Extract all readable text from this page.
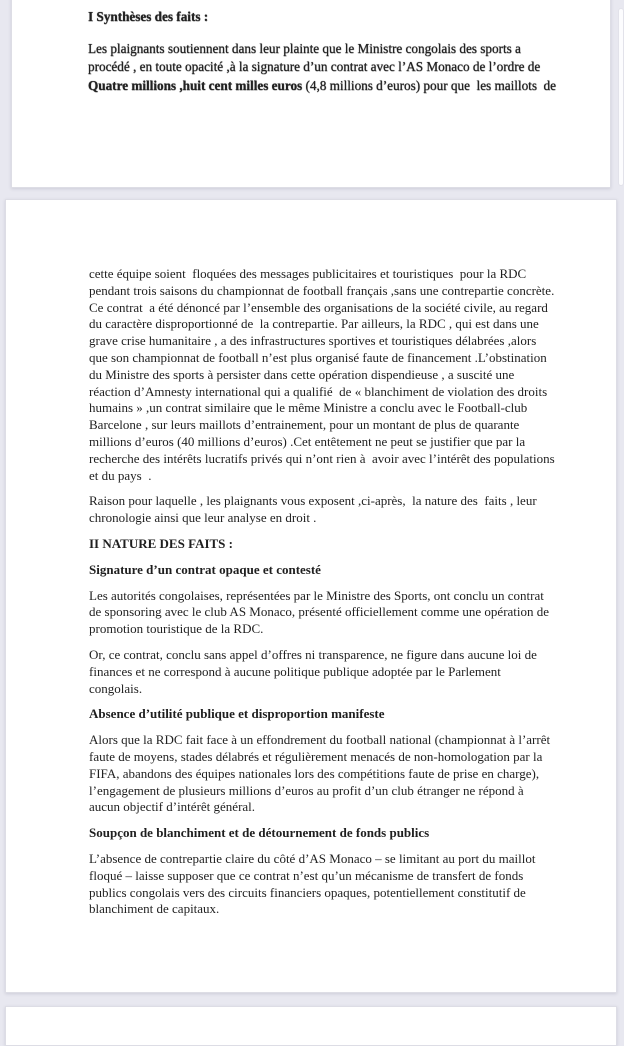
I Synthèses des faits :
Les plaignants soutiennent dans leur plainte que le Ministre congolais des sports a
procédé , en toute opacité ,à la signature d’un contrat avec l’AS Monaco de l’ordre de
Quatre millions ,huit cent milles euros (4,8 millions d’euros) pour que  les maillots  de
cette équipe soient  floquées des messages publicitaires et touristiques  pour la RDC
pendant trois saisons du championnat de football français ,sans une contrepartie concrète.
Ce contrat  a été dénoncé par l’ensemble des organisations de la société civile, au regard
du caractère disproportionné de  la contrepartie. Par ailleurs, la RDC , qui est dans une
grave crise humanitaire , a des infrastructures sportives et touristiques délabrées ,alors
que son championnat de football n’est plus organisé faute de financement .L’obstination
du Ministre des sports à persister dans cette opération dispendieuse , a suscité une
réaction d’Amnesty international qui a qualifié  de « blanchiment de violation des droits
humains » ,un contrat similaire que le même Ministre a conclu avec le Football-club
Barcelone , sur leurs maillots d’entrainement, pour un montant de plus de quarante
millions d’euros (40 millions d’euros) .Cet entêtement ne peut se justifier que par la
recherche des intérêts lucratifs privés qui n’ont rien à  avoir avec l’intérêt des populations
et du pays  .
Raison pour laquelle , les plaignants vous exposent ,ci-après,  la nature des  faits , leur
chronologie ainsi que leur analyse en droit .
II NATURE DES FAITS :
Signature d’un contrat opaque et contesté
Les autorités congolaises, représentées par le Ministre des Sports, ont conclu un contrat
de sponsoring avec le club AS Monaco, présenté officiellement comme une opération de
promotion touristique de la RDC.
Or, ce contrat, conclu sans appel d’offres ni transparence, ne figure dans aucune loi de
finances et ne correspond à aucune politique publique adoptée par le Parlement
congolais.
Absence d’utilité publique et disproportion manifeste
Alors que la RDC fait face à un effondrement du football national (championnat à l’arrêt
faute de moyens, stades délabrés et régulièrement menacés de non-homologation par la
FIFA, abandons des équipes nationales lors des compétitions faute de prise en charge),
l’engagement de plusieurs millions d’euros au profit d’un club étranger ne répond à
aucun objectif d’intérêt général.
Soupçon de blanchiment et de détournement de fonds publics
L’absence de contrepartie claire du côté d’AS Monaco – se limitant au port du maillot
floqué – laisse supposer que ce contrat n’est qu’un mécanisme de transfert de fonds
publics congolais vers des circuits financiers opaques, potentiellement constitutif de
blanchiment de capitaux.
